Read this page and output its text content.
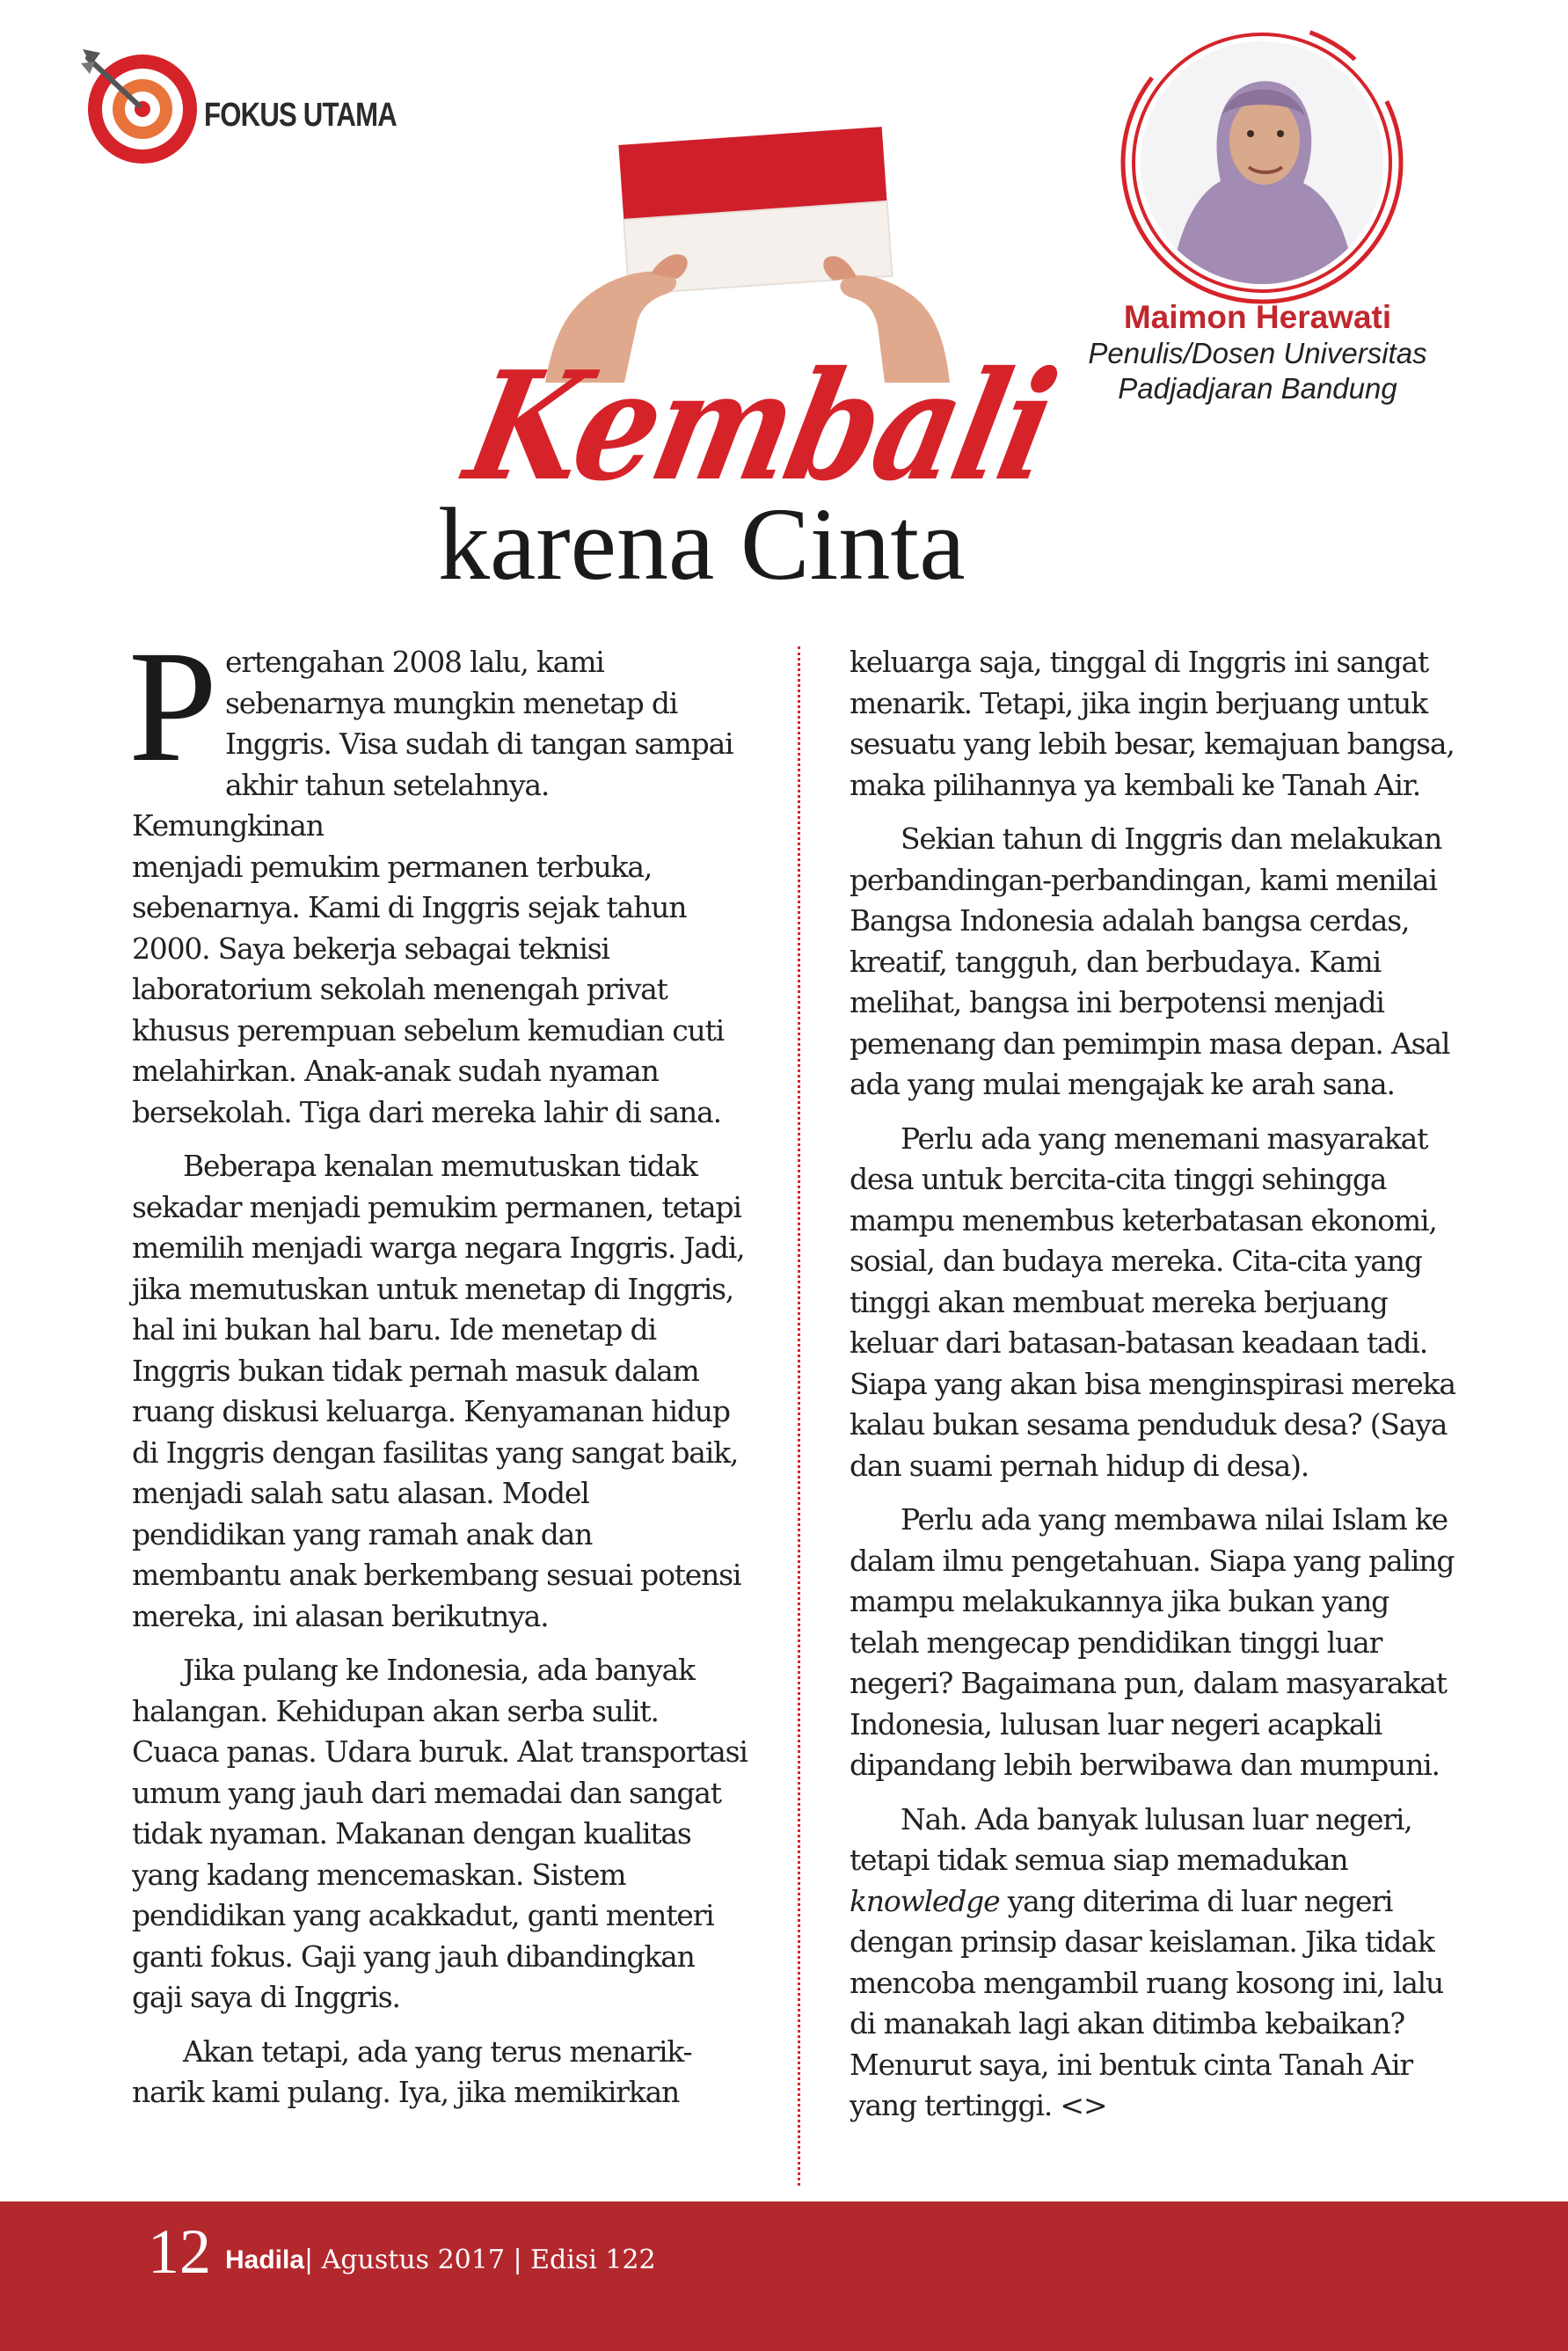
FOKUS UTAMA
Maimon Herawati
Penulis/Dosen Universitas
Padjadjaran Bandung
Kembali
karena Cinta

P ertengahan 2008 lalu, kami
sebenarnya mungkin menetap di
Inggris. Visa sudah di tangan sampai
akhir tahun setelahnya. Kemungkinan
menjadi pemukim permanen terbuka,
sebenarnya. Kami di Inggris sejak tahun
2000. Saya bekerja sebagai teknisi
laboratorium sekolah menengah privat
khusus perempuan sebelum kemudian cuti
melahirkan. Anak-anak sudah nyaman
bersekolah. Tiga dari mereka lahir di sana.

Beberapa kenalan memutuskan tidak sekadar menjadi pemukim permanen, tetapi memilih menjadi warga negara Inggris. Jadi, jika memutuskan untuk menetap di Inggris, hal ini bukan hal baru. Ide menetap di Inggris bukan tidak pernah masuk dalam ruang diskusi keluarga. Kenyamanan hidup di Inggris dengan fasilitas yang sangat baik, menjadi salah satu alasan. Model pendidikan yang ramah anak dan membantu anak berkembang sesuai potensi mereka, ini alasan berikutnya.

Jika pulang ke Indonesia, ada banyak halangan. Kehidupan akan serba sulit. Cuaca panas. Udara buruk. Alat transportasi umum yang jauh dari memadai dan sangat tidak nyaman. Makanan dengan kualitas yang kadang mencemaskan. Sistem pendidikan yang acakkadut, ganti menteri ganti fokus. Gaji yang jauh dibandingkan gaji saya di Inggris.

Akan tetapi, ada yang terus menarik-narik kami pulang. Iya, jika memikirkan

keluarga saja, tinggal di Inggris ini sangat menarik. Tetapi, jika ingin berjuang untuk sesuatu yang lebih besar, kemajuan bangsa, maka pilihannya ya kembali ke Tanah Air.

Sekian tahun di Inggris dan melakukan perbandingan-perbandingan, kami menilai Bangsa Indonesia adalah bangsa cerdas, kreatif, tangguh, dan berbudaya. Kami melihat, bangsa ini berpotensi menjadi pemenang dan pemimpin masa depan. Asal ada yang mulai mengajak ke arah sana.

Perlu ada yang menemani masyarakat desa untuk bercita-cita tinggi sehingga mampu menembus keterbatasan ekonomi, sosial, dan budaya mereka. Cita-cita yang tinggi akan membuat mereka berjuang keluar dari batasan-batasan keadaan tadi. Siapa yang akan bisa menginspirasi mereka kalau bukan sesama penduduk desa? (Saya dan suami pernah hidup di desa).

Perlu ada yang membawa nilai Islam ke dalam ilmu pengetahuan. Siapa yang paling mampu melakukannya jika bukan yang telah mengecap pendidikan tinggi luar negeri? Bagaimana pun, dalam masyarakat Indonesia, lulusan luar negeri acapkali dipandang lebih berwibawa dan mumpuni.

Nah. Ada banyak lulusan luar negeri, tetapi tidak semua siap memadukan knowledge yang diterima di luar negeri dengan prinsip dasar keislaman. Jika tidak mencoba mengambil ruang kosong ini, lalu di manakah lagi akan ditimba kebaikan? Menurut saya, ini bentuk cinta Tanah Air yang tertinggi. <>

12 Hadila| Agustus 2017 | Edisi 122
